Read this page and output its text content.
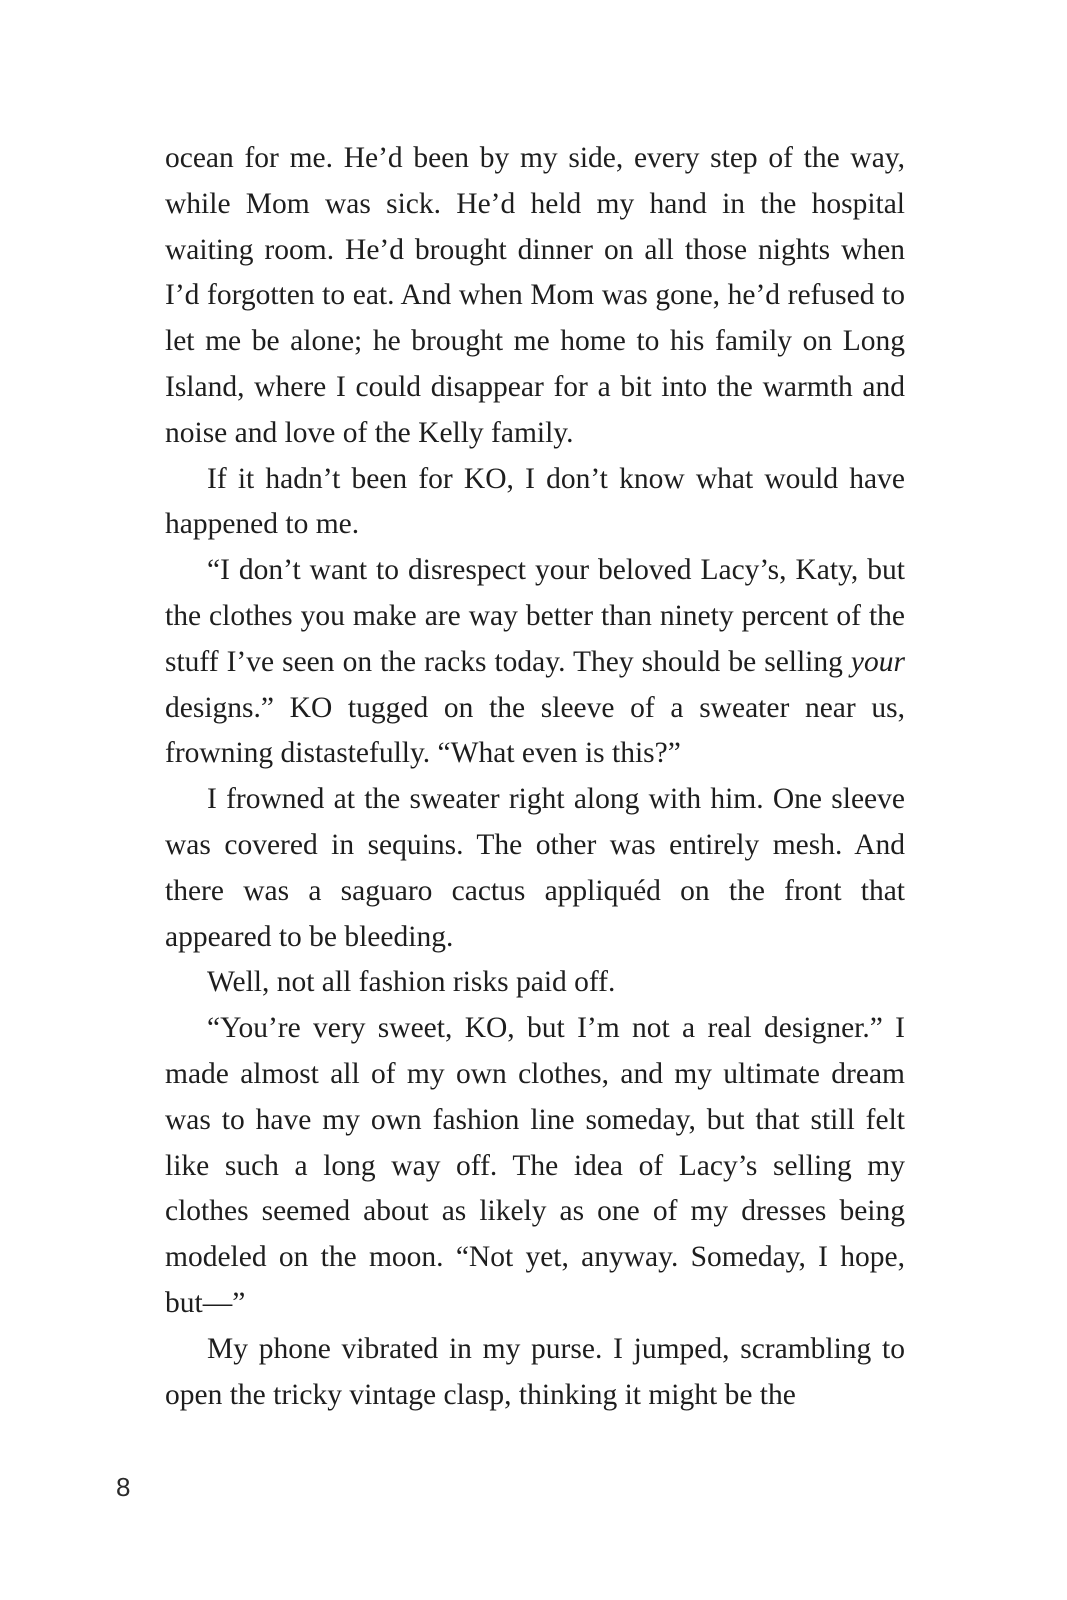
ocean for me. He’d been by my side, every step of the way, while Mom was sick. He’d held my hand in the hospital waiting room. He’d brought dinner on all those nights when I’d forgotten to eat. And when Mom was gone, he’d refused to let me be alone; he brought me home to his family on Long Island, where I could disappear for a bit into the warmth and noise and love of the Kelly family.

If it hadn’t been for KO, I don’t know what would have happened to me.

“I don’t want to disrespect your beloved Lacy’s, Katy, but the clothes you make are way better than ninety percent of the stuff I’ve seen on the racks today. They should be selling your designs.” KO tugged on the sleeve of a sweater near us, frowning distastefully. “What even is this?”

I frowned at the sweater right along with him. One sleeve was covered in sequins. The other was entirely mesh. And there was a saguaro cactus appliquéd on the front that appeared to be bleeding.

Well, not all fashion risks paid off.

“You’re very sweet, KO, but I’m not a real designer.” I made almost all of my own clothes, and my ultimate dream was to have my own fashion line someday, but that still felt like such a long way off. The idea of Lacy’s selling my clothes seemed about as likely as one of my dresses being modeled on the moon. “Not yet, anyway. Someday, I hope, but—”

My phone vibrated in my purse. I jumped, scrambling to open the tricky vintage clasp, thinking it might be the

8
